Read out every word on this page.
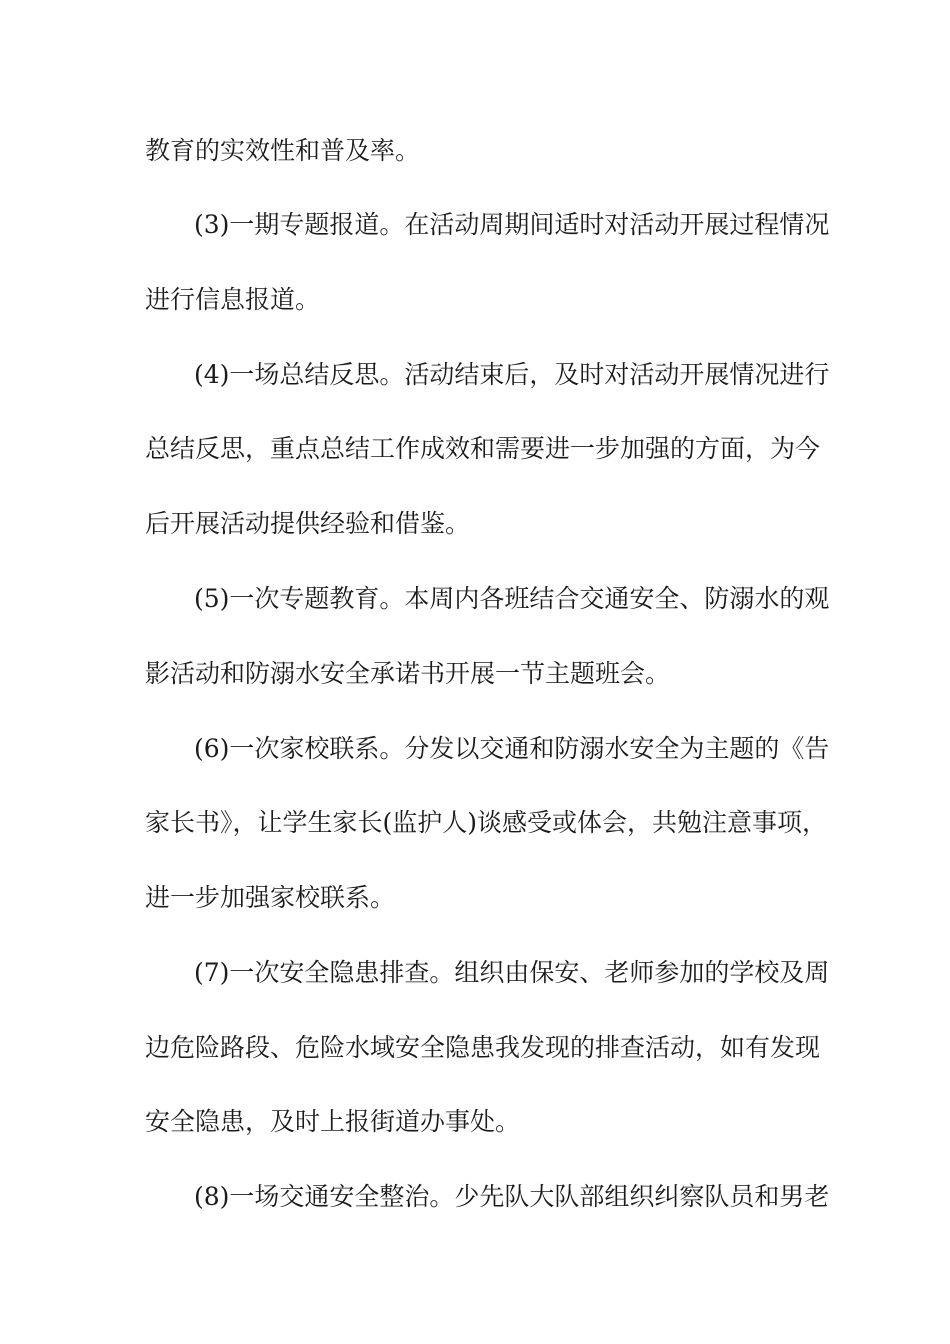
教育的实效性和普及率。
(3)一期专题报道。在活动周期间适时对活动开展过程情况
进行信息报道。
(4)一场总结反思。活动结束后，及时对活动开展情况进行
总结反思，重点总结工作成效和需要进一步加强的方面，为今
后开展活动提供经验和借鉴。
(5)一次专题教育。本周内各班结合交通安全、防溺水的观
影活动和防溺水安全承诺书开展一节主题班会。
(6)一次家校联系。分发以交通和防溺水安全为主题的《告
家长书》，让学生家长(监护人)谈感受或体会，共勉注意事项，
进一步加强家校联系。
(7)一次安全隐患排查。组织由保安、老师参加的学校及周
边危险路段、危险水域安全隐患我发现的排查活动，如有发现
安全隐患，及时上报街道办事处。
(8)一场交通安全整治。少先队大队部组织纠察队员和男老
